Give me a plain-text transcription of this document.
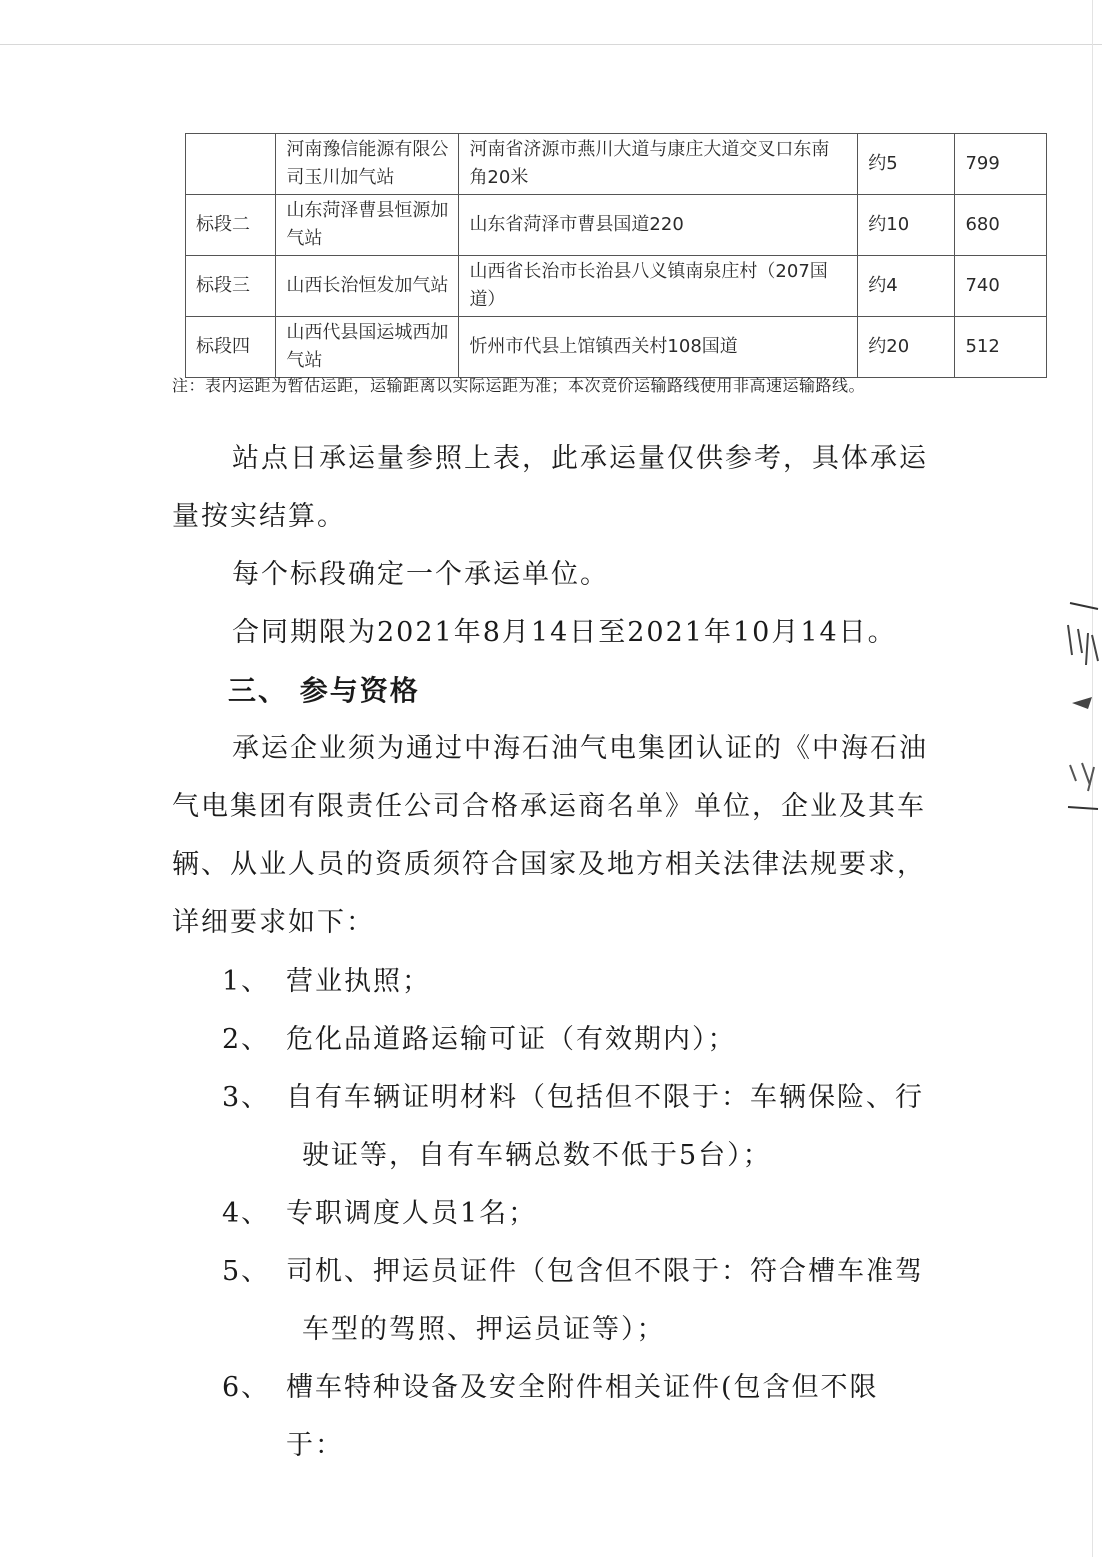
	河南豫信能源有限公司玉川加气站	河南省济源市燕川大道与康庄大道交叉口东南角20米	约5	799
标段二	山东菏泽曹县恒源加气站	山东省菏泽市曹县国道220	约10	680
标段三	山西长治恒发加气站	山西省长治市长治县八义镇南泉庄村（207国道）	约4	740
标段四	山西代县国运城西加气站	忻州市代县上馆镇西关村108国道	约20	512
注：表内运距为暂估运距，运输距离以实际运距为准；本次竞价运输路线使用非高速运输路线。
站点日承运量参照上表，此承运量仅供参考，具体承运量按实结算。
每个标段确定一个承运单位。
合同期限为2021年8月14日至2021年10月14日。
三、 参与资格
承运企业须为通过中海石油气电集团认证的《中海石油气电集团有限责任公司合格承运商名单》单位，企业及其车辆、从业人员的资质须符合国家及地方相关法律法规要求，详细要求如下：
1、 营业执照；
2、 危化品道路运输可证（有效期内）；
3、 自有车辆证明材料（包括但不限于：车辆保险、行
驶证等，自有车辆总数不低于5台）；
4、 专职调度人员1名；
5、 司机、押运员证件（包含但不限于：符合槽车准驾
车型的驾照、押运员证等）；
6、 槽车特种设备及安全附件相关证件(包含但不限于：
